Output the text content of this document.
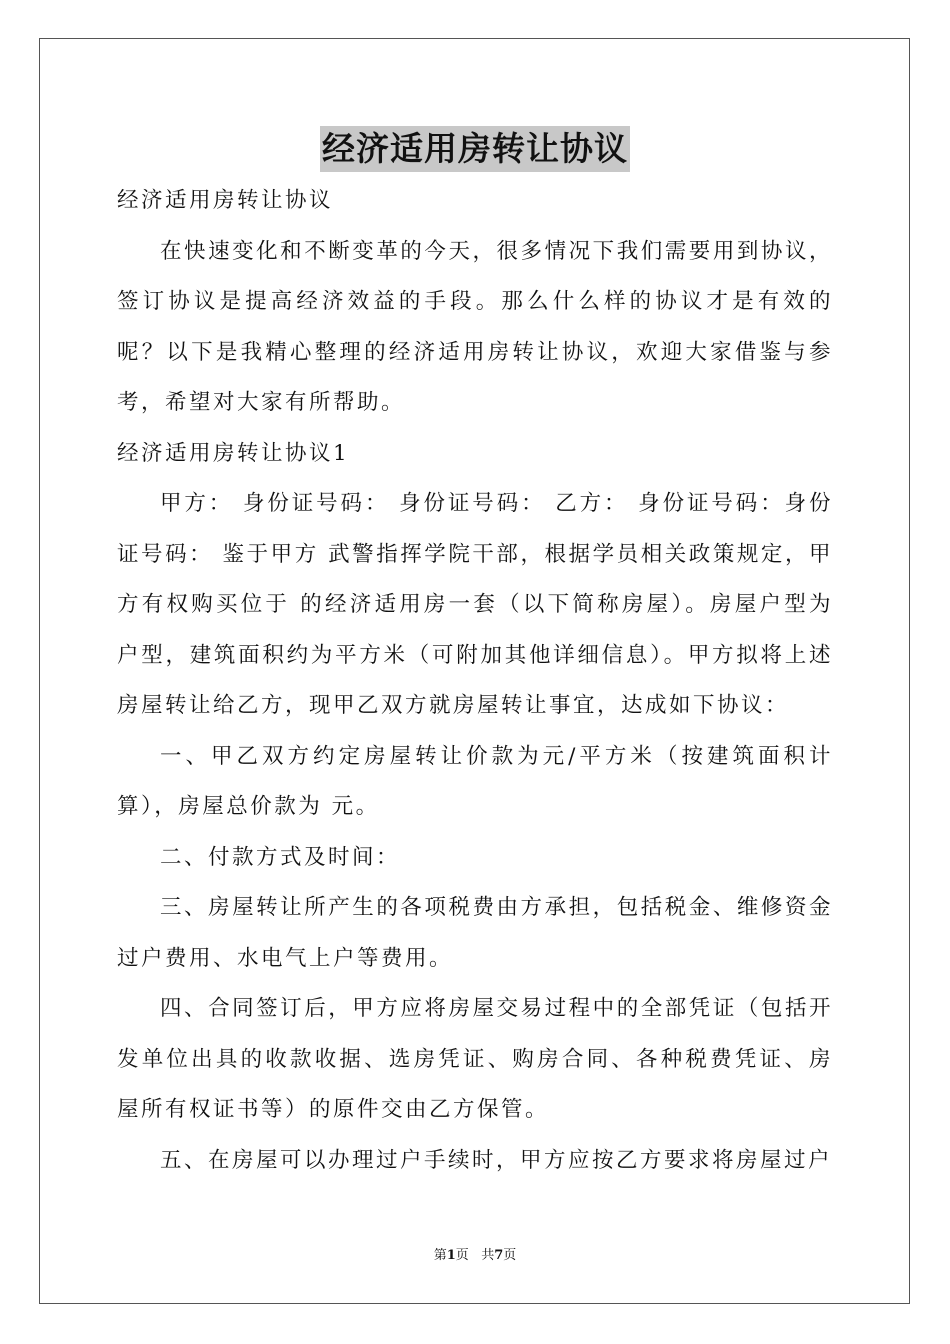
经济适用房转让协议

经济适用房转让协议

在快速变化和不断变革的今天，很多情况下我们需要用到协议，签订协议是提高经济效益的手段。那么什么样的协议才是有效的呢？以下是我精心整理的经济适用房转让协议，欢迎大家借鉴与参考，希望对大家有所帮助。

经济适用房转让协议1

甲方： 身份证号码： 身份证号码： 乙方： 身份证号码：身份证号码： 鉴于甲方 武警指挥学院干部，根据学员相关政策规定，甲方有权购买位于 的经济适用房一套（以下简称房屋）。房屋户型为户型，建筑面积约为平方米（可附加其他详细信息）。甲方拟将上述房屋转让给乙方，现甲乙双方就房屋转让事宜，达成如下协议：

一、甲乙双方约定房屋转让价款为元/平方米（按建筑面积计算），房屋总价款为 元。

二、付款方式及时间：

三、房屋转让所产生的各项税费由方承担，包括税金、维修资金过户费用、水电气上户等费用。

四、合同签订后，甲方应将房屋交易过程中的全部凭证（包括开发单位出具的收款收据、选房凭证、购房合同、各种税费凭证、房屋所有权证书等）的原件交由乙方保管。

五、在房屋可以办理过户手续时，甲方应按乙方要求将房屋过户

第1页 共7页
